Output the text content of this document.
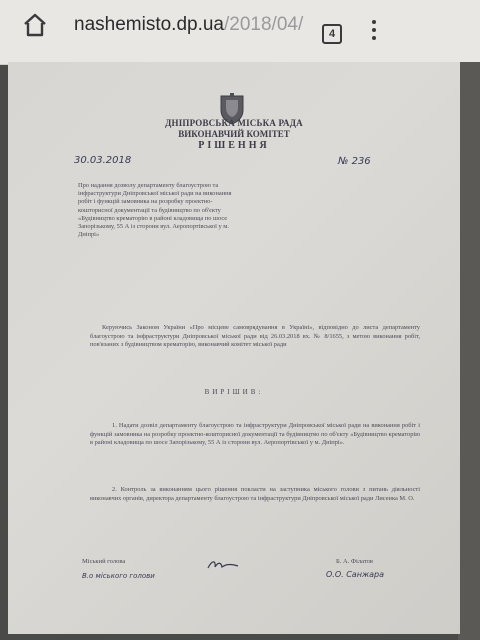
nashemisto.dp.ua/2018/04/	4
ДНІПРОВСЬКА МІСЬКА РАДА
ВИКОНАВЧИЙ КОМІТЕТ
РІШЕННЯ
30.03.2018	№ 236
Про надання дозволу департаменту благоустрою та інфраструктури Дніпровської міської ради на виконання робіт і функцій замовника на розробку проектно-кошторисної документації та будівництво по об'єкту «Будівництво крематорію в районі кладовища по шосе Запорізькому, 55 А із сторони вул. Аеропортівської у м. Дніпрі»
Керуючись Законом України «Про місцеве самоврядування в Україні», відповідно до листа департаменту благоустрою та інфраструктури Дніпровської міської ради від 26.03.2018 вх. № 8/1655, з метою виконання робіт, пов'язаних з будівництвом крематорію, виконавчий комітет міської ради
ВИРІШИВ:
1. Надати дозвіл департаменту благоустрою та інфраструктури Дніпровської міської ради на виконання робіт і функцій замовника на розробку проектно-кошторисної документації та будівництво по об'єкту «Будівництво крематорію в районі кладовища по шосе Запорізькому, 55 А із сторони вул. Аеропортівської у м. Дніпрі».
2. Контроль за виконанням цього рішення покласти на заступника міського голови з питань діяльності виконавчих органів, директора департаменту благоустрою та інфраструктури Дніпровської міської ради Лисенка М. О.
Міський голова	Б. А. Філатов
В.о міського голови	О.О. Санжара
